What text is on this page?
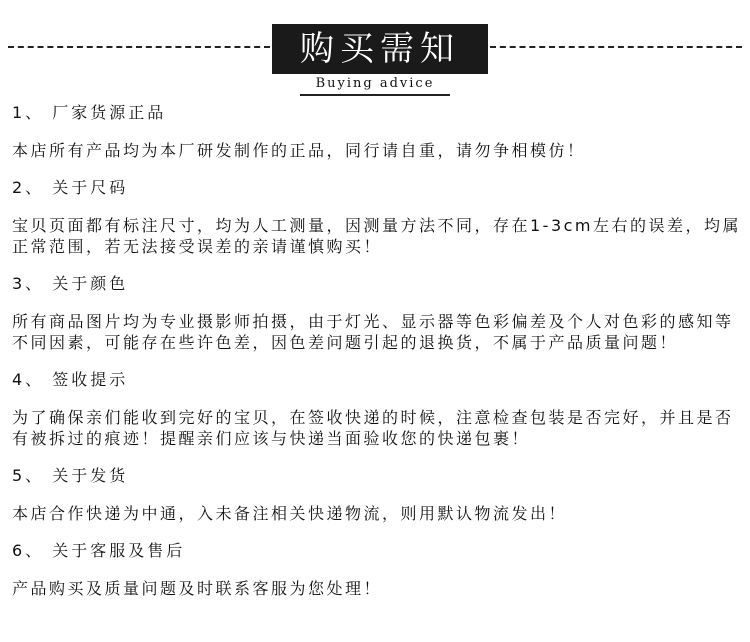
购买需知
Buying advice

1、 厂家货源正品

本店所有产品均为本厂研发制作的正品，同行请自重，请勿争相模仿！

2、 关于尺码

宝贝页面都有标注尺寸，均为人工测量，因测量方法不同，存在1-3cm左右的误差，均属正常范围，若无法接受误差的亲请谨慎购买！

3、 关于颜色

所有商品图片均为专业摄影师拍摄，由于灯光、显示器等色彩偏差及个人对色彩的感知等不同因素，可能存在些许色差，因色差问题引起的退换货，不属于产品质量问题！

4、 签收提示

为了确保亲们能收到完好的宝贝，在签收快递的时候，注意检查包装是否完好，并且是否有被拆过的痕迹！提醒亲们应该与快递当面验收您的快递包裹！

5、 关于发货

本店合作快递为中通，入未备注相关快递物流，则用默认物流发出！

6、 关于客服及售后

产品购买及质量问题及时联系客服为您处理！
